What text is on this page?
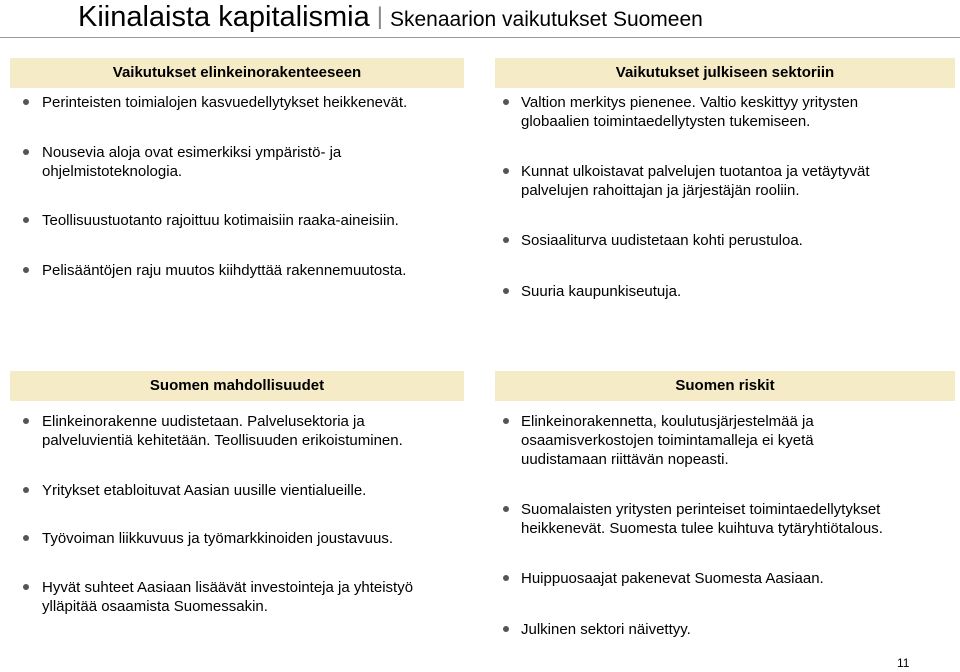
Kiinalaista kapitalismia | Skenaarion vaikutukset Suomeen
Vaikutukset elinkeinorakenteeseen
Perinteisten toimialojen kasvuedellytykset heikkenevät.
Nousevia aloja ovat esimerkiksi ympäristö- ja
ohjelmistoteknologia.
Teollisuustuotanto rajoittuu kotimaisiin raaka-aineisiin.
Pelisääntöjen raju muutos kiihdyttää rakennemuutosta.
Vaikutukset julkiseen sektoriin
Valtion merkitys pienenee. Valtio keskittyy yritysten
globaalien toimintaedellytysten tukemiseen.
Kunnat ulkoistavat palvelujen tuotantoa ja vetäytyvät
palvelujen rahoittajan ja järjestäjän rooliin.
Sosiaaliturva uudistetaan kohti perustuloa.
Suuria kaupunkiseutuja.
Suomen mahdollisuudet
Elinkeinorakenne uudistetaan. Palvelusektoria ja
palveluvientiä kehitetään. Teollisuuden erikoistuminen.
Yritykset etabloituvat Aasian uusille vientialueille.
Työvoiman liikkuvuus ja työmarkkinoiden joustavuus.
Hyvät suhteet Aasiaan lisäävät investointeja ja yhteistyö
ylläpitää osaamista Suomessakin.
Suomen riskit
Elinkeinorakennetta, koulutusjärjestelmää ja
osaamisverkostojen toimintamalleja ei kyetä
uudistamaan riittävän nopeasti.
Suomalaisten yritysten perinteiset toimintaedellytykset
heikkenevät. Suomesta tulee kuihtuva tytäryhtiötalous.
Huippuosaajat pakenevat Suomesta Aasiaan.
Julkinen sektori näivettyy.
11
